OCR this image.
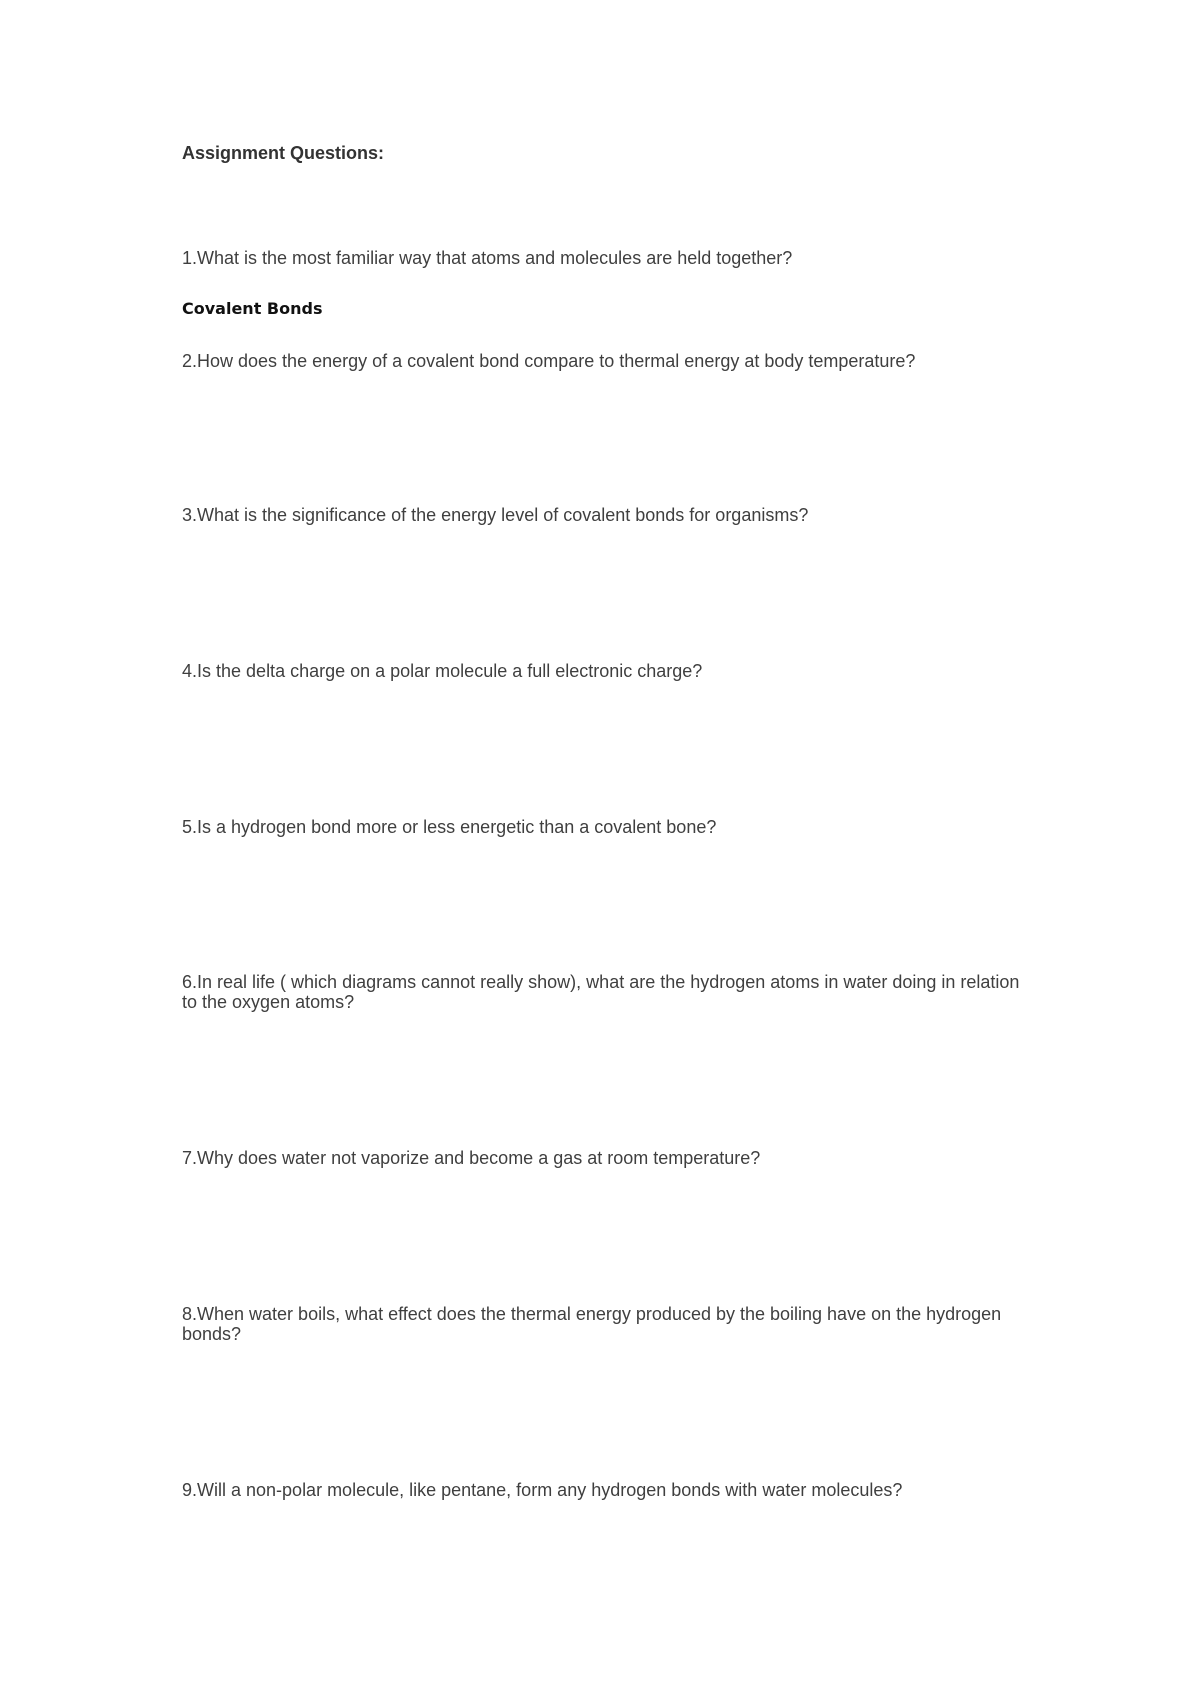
Assignment Questions:
1.What is the most familiar way that atoms and molecules are held together?
Covalent Bonds
2.How does the energy of a covalent bond compare to thermal energy at body temperature?
3.What is the significance of the energy level of covalent bonds for organisms?
4.Is the delta charge on a polar molecule a full electronic charge?
5.Is a hydrogen bond more or less energetic than a covalent bone?
6.In real life ( which diagrams cannot really show), what are the hydrogen atoms in water doing in relation to the oxygen atoms?
7.Why does water not vaporize and become a gas at room temperature?
8.When water boils, what effect does the thermal energy produced by the boiling have on the hydrogen bonds?
9.Will a non-polar molecule, like pentane, form any hydrogen bonds with water molecules?
